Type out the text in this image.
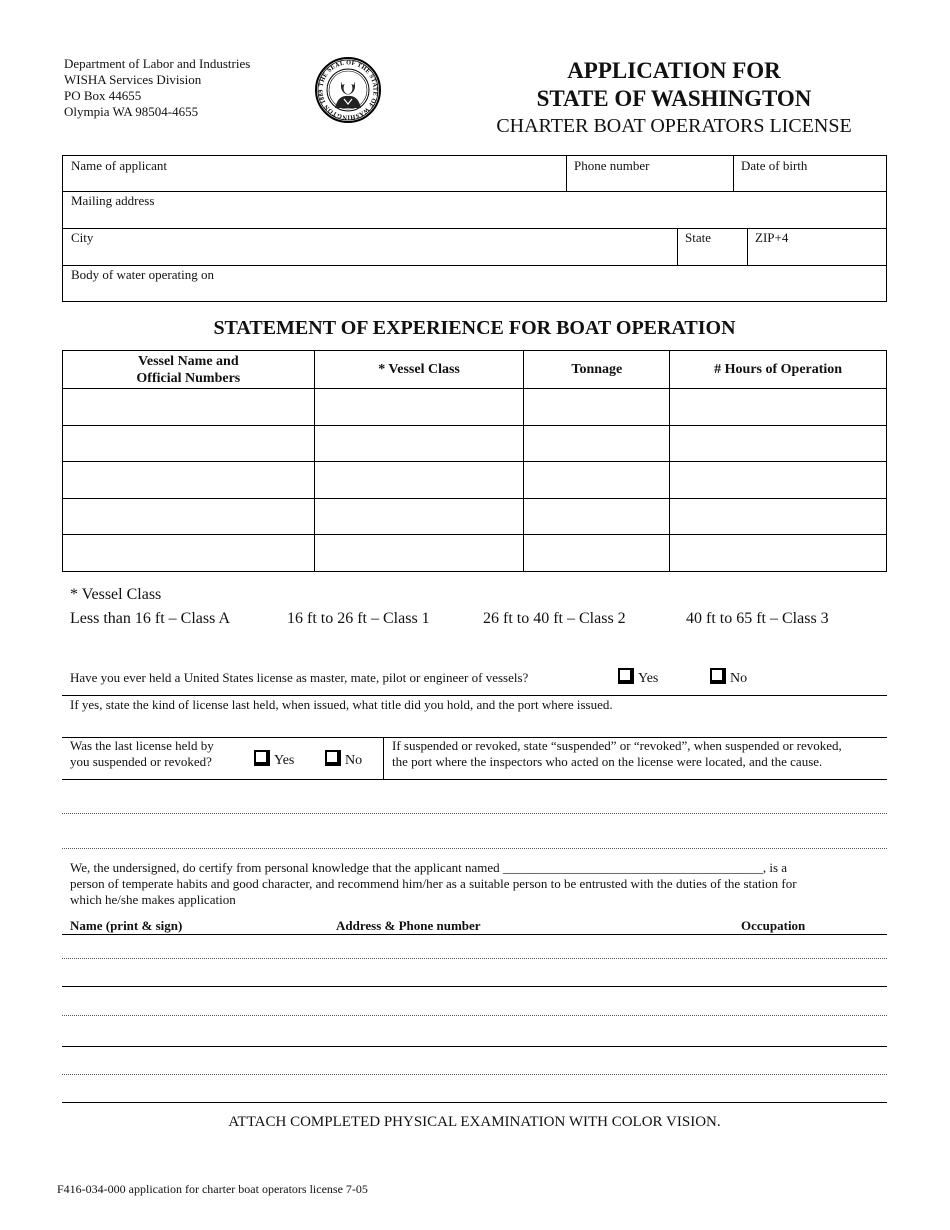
Department of Labor and Industries
WISHA Services Division
PO Box 44655
Olympia WA 98504-4655
THE SEAL OF THE STATE OF WASHINGTON 1889
APPLICATION FOR
STATE OF WASHINGTON
CHARTER BOAT OPERATORS LICENSE
Name of applicant	Phone number	Date of birth
Mailing address
City	State	ZIP+4
Body of water operating on
STATEMENT OF EXPERIENCE FOR BOAT OPERATION
Vessel Name and
Official Numbers	* Vessel Class	Tonnage	# Hours of Operation

* Vessel Class
Less than 16 ft – Class A	16 ft to 26 ft – Class 1	26 ft to 40 ft – Class 2	40 ft to 65 ft – Class 3
Have you ever held a United States license as master, mate, pilot or engineer of vessels?	Yes	No
If yes, state the kind of license last held, when issued, what title did you hold, and the port where issued.
Was the last license held by
you suspended or revoked?	Yes	No
If suspended or revoked, state “suspended” or “revoked”, when suspended or revoked,
the port where the inspectors who acted on the license were located, and the cause.
We, the undersigned, do certify from personal knowledge that the applicant named ________________________________________, is a
person of temperate habits and good character, and recommend him/her as a suitable person to be entrusted with the duties of the station for
which he/she makes application
Name (print & sign)	Address & Phone number	Occupation
ATTACH COMPLETED PHYSICAL EXAMINATION WITH COLOR VISION.
F416-034-000 application for charter boat operators license 7-05
